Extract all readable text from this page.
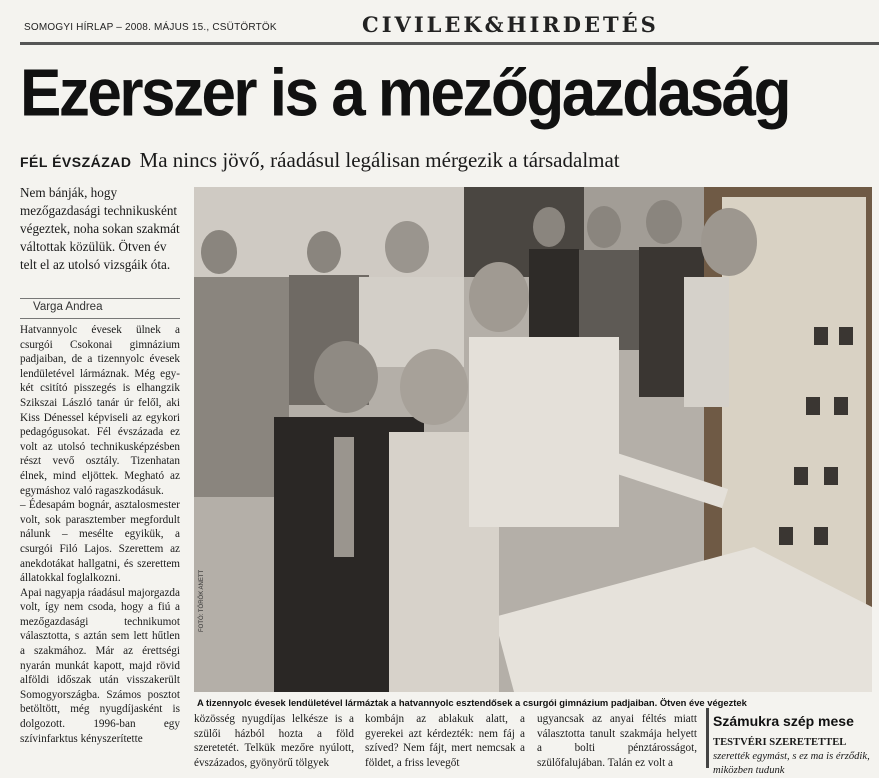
SOMOGYI HÍRLAP – 2008. MÁJUS 15., CSÜTÖRTÖK	CIVILEK&HIRDETÉS
Ezerszer is a mezőgazdaság
FÉL ÉVSZÁZAD Ma nincs jövő, ráadásul legálisan mérgezik a társadalmat
Nem bánják, hogy mezőgazdasági technikusként végeztek, noha sokan szakmát váltottak közülük. Ötven év telt el az utolsó vizsgáik óta.
Varga Andrea
Hatvannyolc évesek ülnek a csurgói Csokonai gimnázium padjaiban, de a tizennyolc évesek lendületével lármáznak. Még egy-két csitító pisszegés is elhangzik Szikszai László tanár úr felől, aki Kiss Dénessel képviseli az egykori pedagógusokat. Fél évszázada ez volt az utolsó technikusképzésben részt vevő osztály. Tizenhatan élnek, mind eljöttek. Megható az egymáshoz való ragaszkodásuk.
– Édesapám bognár, asztalosmester volt, sok parasztember megfordult nálunk – mesélte egyikük, a csurgói Filó Lajos. Szerettem az anekdotákat hallgatni, és szerettem állatokkal foglalkozni.
Apai nagyapja ráadásul majorgazda volt, így nem csoda, hogy a fiú a mezőgazdasági technikumot választotta, s aztán sem lett hűtlen a szakmához. Már az érettségi nyarán munkát kapott, majd rövid alföldi időszak után visszakerült Somogyországba. Számos posztot betöltött, még nyugdíjasként is dolgozott. 1996-ban egy szívinfarktus kényszerítette
FOTÓ: TÖRÖK ANETT
A tizennyolc évesek lendületével lármáztak a hatvannyolc esztendősek a csurgói gimnázium padjaiban. Ötven éve végeztek
közösség nyugdíjas lelkésze is a szülői házból hozta a föld szeretetét. Telkük mezőre nyúlott, évszázados, gyönyörű tölgyek
kombájn az ablakuk alatt, a gyerekei azt kérdezték: nem fáj a szíved? Nem fájt, mert nemcsak a földet, a friss levegőt
ugyancsak az anyai féltés miatt választotta tanult szakmája helyett a bolti pénztárosságot, szülőfalujában. Talán ez volt a
Számukra szép mese
TESTVÉRI SZERETETTEL szerették egymást, s ez ma is érződik, miközben tudunk
